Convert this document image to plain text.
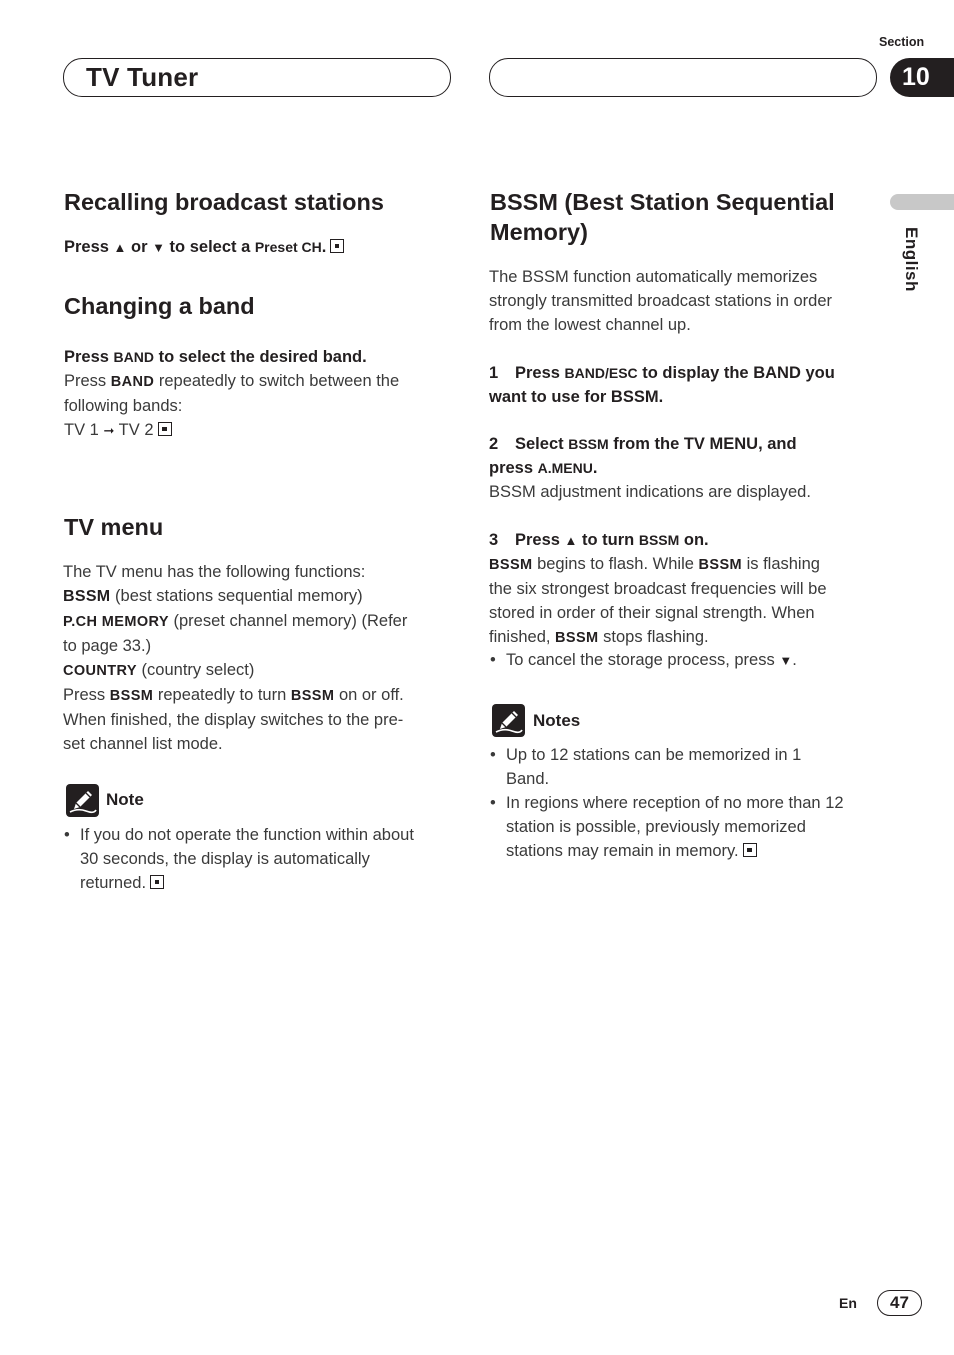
TV Tuner
Section
10
English
Recalling broadcast stations
Press ▲ or ▼ to select a Preset CH.
Changing a band
Press BAND to select the desired band.
Press BAND repeatedly to switch between the
following bands:
TV 1 ➞ TV 2
TV menu
The TV menu has the following functions:
BSSM (best stations sequential memory)
P.CH MEMORY (preset channel memory) (Refer
to page 33.)
COUNTRY (country select)
Press BSSM repeatedly to turn BSSM on or off.
When finished, the display switches to the pre-
set channel list mode.
Note
• If you do not operate the function within about
30 seconds, the display is automatically
returned.
BSSM (Best Station Sequential
Memory)
The BSSM function automatically memorizes
strongly transmitted broadcast stations in order
from the lowest channel up.
1 Press BAND/ESC to display the BAND you
want to use for BSSM.
2 Select BSSM from the TV MENU, and
press A.MENU.
BSSM adjustment indications are displayed.
3 Press ▲ to turn BSSM on.
BSSM begins to flash. While BSSM is flashing
the six strongest broadcast frequencies will be
stored in order of their signal strength. When
finished, BSSM stops flashing.
• To cancel the storage process, press ▼.
Notes
• Up to 12 stations can be memorized in 1
Band.
• In regions where reception of no more than 12
station is possible, previously memorized
stations may remain in memory.
En	47
